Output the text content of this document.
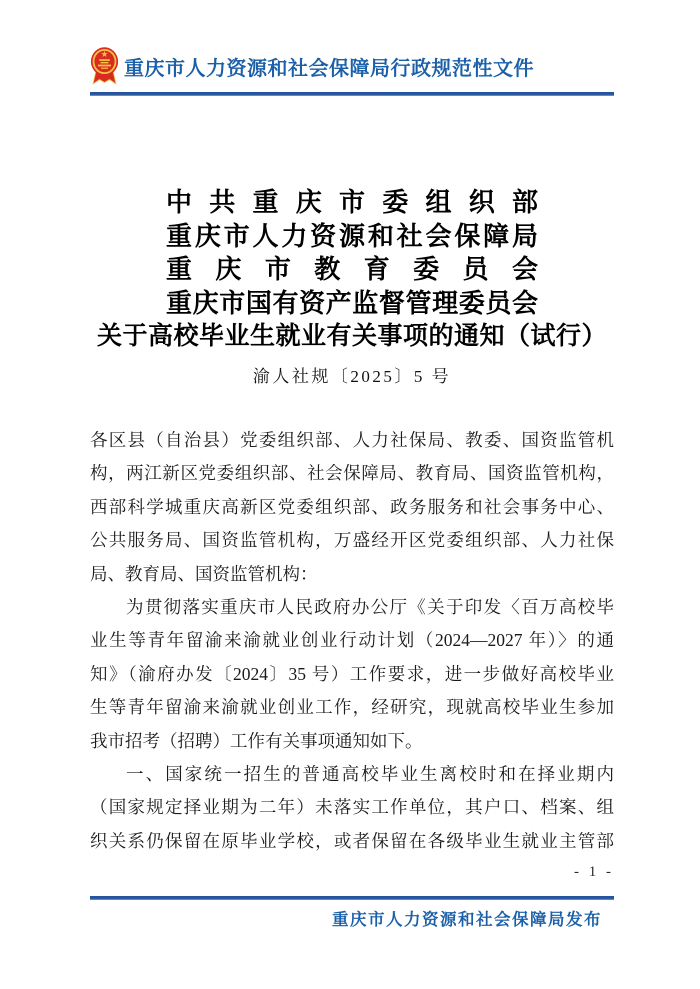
重庆市人力资源和社会保障局行政规范性文件
中共重庆市委组织部
重庆市人力资源和社会保障局
重庆市教育委员会
重庆市国有资产监督管理委员会
关于高校毕业生就业有关事项的通知（试行）
渝人社规〔2025〕5 号
各区县（自治县）党委组织部、人力社保局、教委、国资监管机
构，两江新区党委组织部、社会保障局、教育局、国资监管机构，
西部科学城重庆高新区党委组织部、政务服务和社会事务中心、
公共服务局、国资监管机构，万盛经开区党委组织部、人力社保
局、教育局、国资监管机构：
为贯彻落实重庆市人民政府办公厅《关于印发〈百万高校毕
业生等青年留渝来渝就业创业行动计划（2024—2027 年）〉的通
知》（渝府办发〔2024〕35 号）工作要求，进一步做好高校毕业
生等青年留渝来渝就业创业工作，经研究，现就高校毕业生参加
我市招考（招聘）工作有关事项通知如下。
一、国家统一招生的普通高校毕业生离校时和在择业期内
（国家规定择业期为二年）未落实工作单位，其户口、档案、组
织关系仍保留在原毕业学校，或者保留在各级毕业生就业主管部
- 1 -
重庆市人力资源和社会保障局发布
